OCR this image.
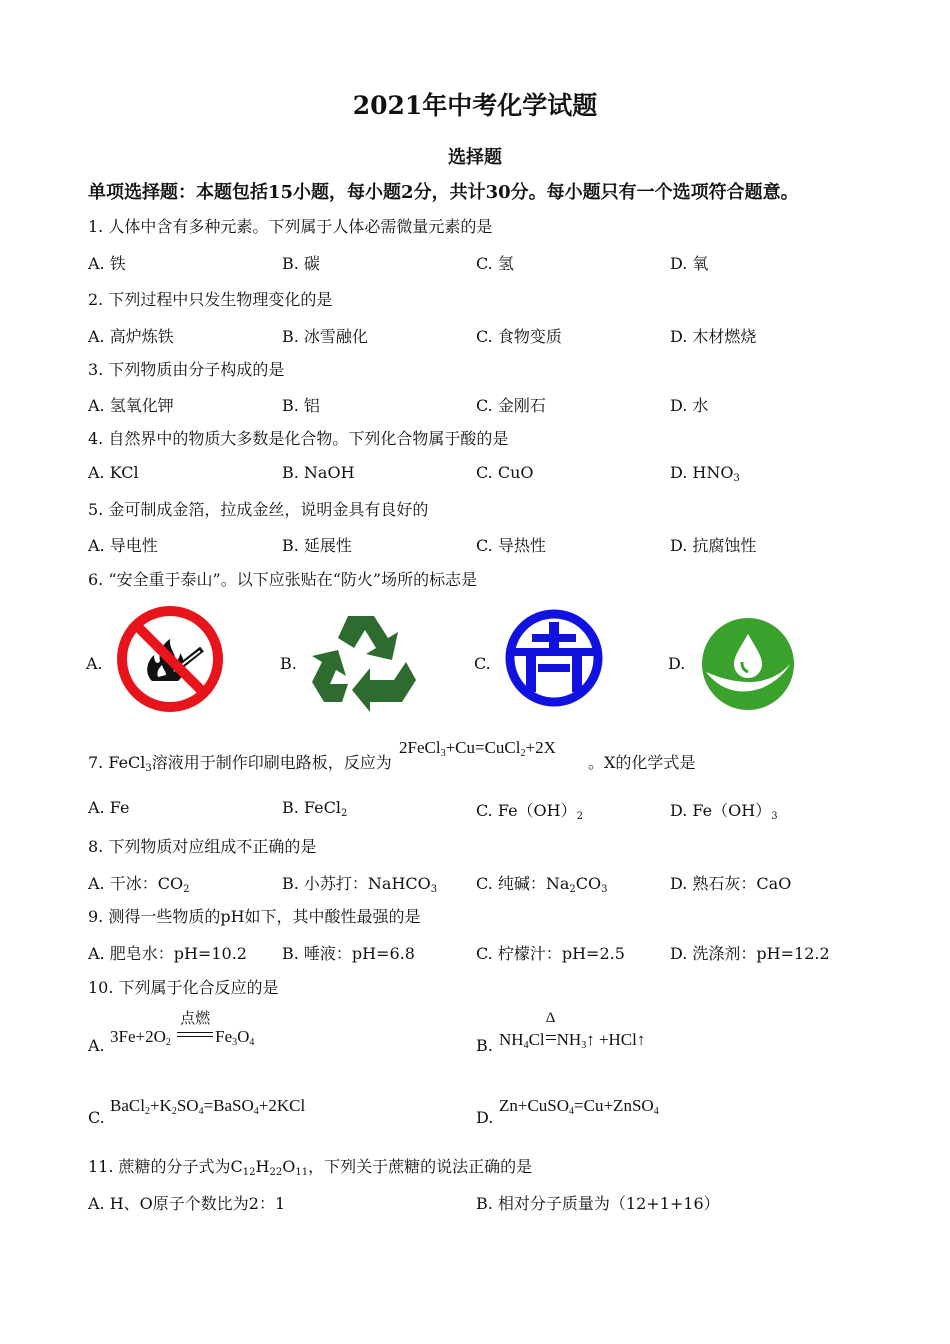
2021年中考化学试题
选择题
单项选择题：本题包括15小题，每小题2分，共计30分。每小题只有一个选项符合题意。
1. 人体中含有多种元素。下列属于人体必需微量元素的是
A. 铁	B. 碳	C. 氢	D. 氧
2. 下列过程中只发生物理变化的是
A. 高炉炼铁	B. 冰雪融化	C. 食物变质	D. 木材燃烧
3. 下列物质由分子构成的是
A. 氢氧化钾	B. 铝	C. 金刚石	D. 水
4. 自然界中的物质大多数是化合物。下列化合物属于酸的是
A. KCl	B. NaOH	C. CuO	D. $HNO_3$
5. 金可制成金箔，拉成金丝，说明金具有良好的
A. 导电性	B. 延展性	C. 导热性	D. 抗腐蚀性
6. “安全重于泰山”。以下应张贴在“防火”场所的标志是
A.	B.	C.	D.
7. FeCl$_3$溶液用于制作印刷电路板，反应为
2FeCl$_3$+Cu=CuCl$_2$+2X
。X的化学式是
A. Fe	B. FeCl$_2$	C. $Fe(OH)_2$	D. $Fe(OH)_3$
8. 下列物质对应组成不正确的是
A. 干冰：$CO_2$	B. 小苏打：NaHCO$_3$ C. 纯碱：$Na_2CO_3$	D. 熟石灰：CaO
9. 测得一些物质的pH如下，其中酸性最强的是
A. 肥皂水：pH=10.2 B. 唾液：pH=6.8	C. 柠檬汁：pH=2.5	D. 洗涤剂：pH=12.2
10. 下列属于化合反应的是
A. $3Fe+2O_2$
点燃
$Fe_3O_4$	B. $NH_4Cl$
Δ
$NH_3↑$ +HCl↑
C.
$BaCl_2+K_2SO_4=BaSO_4+2KCl$
D.
Zn+CuSO$_4$=Cu+ZnSO$_4$
11. 蔗糖的分子式为$C_{12}H_{22}O_{11}$，下列关于蔗糖的说法正确的是
A. H、O原子个数比为2：1	B. 相对分子质量为（12+1+16）
